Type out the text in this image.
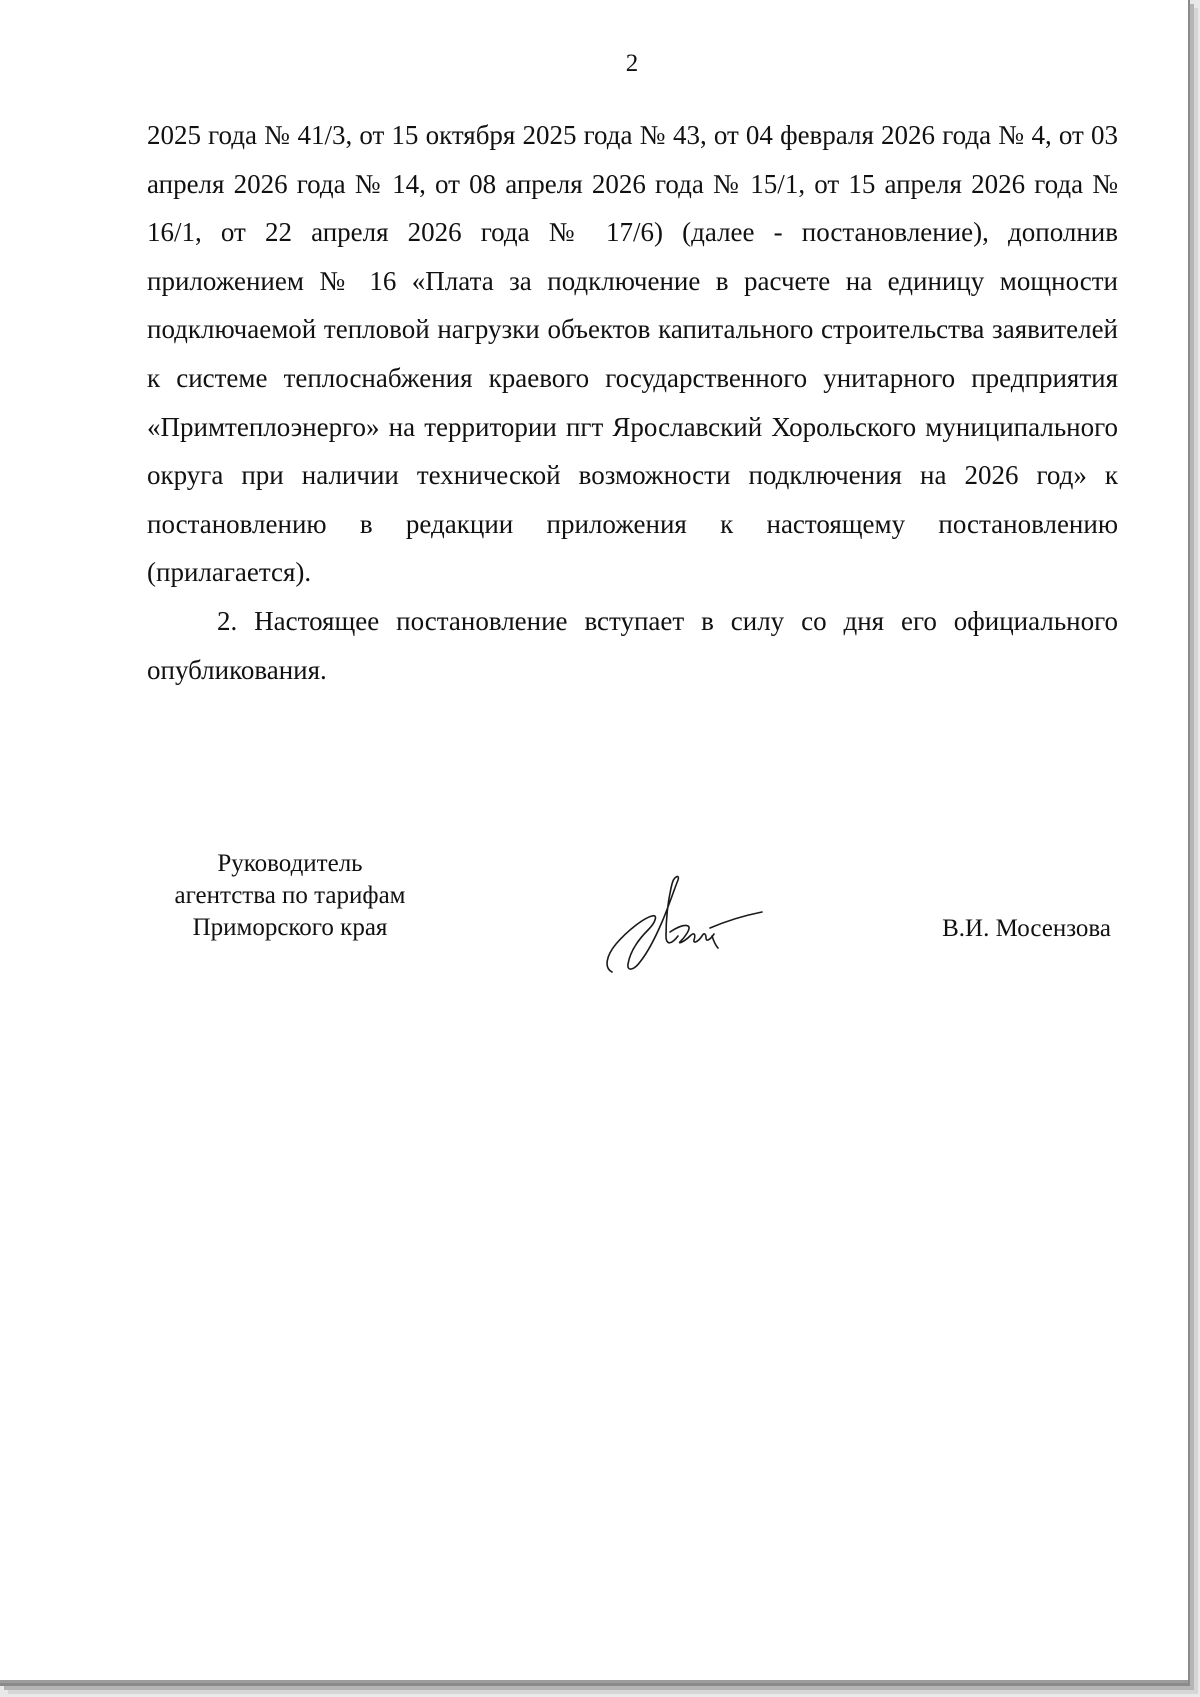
2

2025 года № 41/3, от 15 октября 2025 года № 43, от 04 февраля 2026 года № 4, от 03 апреля 2026 года № 14, от 08 апреля 2026 года № 15/1, от 15 апреля 2026 года № 16/1, от 22 апреля 2026 года № 17/6) (далее - постановление), дополнив приложением № 16 «Плата за подключение в расчете на единицу мощности подключаемой тепловой нагрузки объектов капитального строительства заявителей к системе теплоснабжения краевого государственного унитарного предприятия «Примтеплоэнерго» на территории пгт Ярославский Хорольского муниципального округа при наличии технической возможности подключения на 2026 год» к постановлению в редакции приложения к настоящему постановлению (прилагается).

2. Настоящее постановление вступает в силу со дня его официального опубликования.

Руководитель
агентства по тарифам
Приморского края	В.И. Мосензова
